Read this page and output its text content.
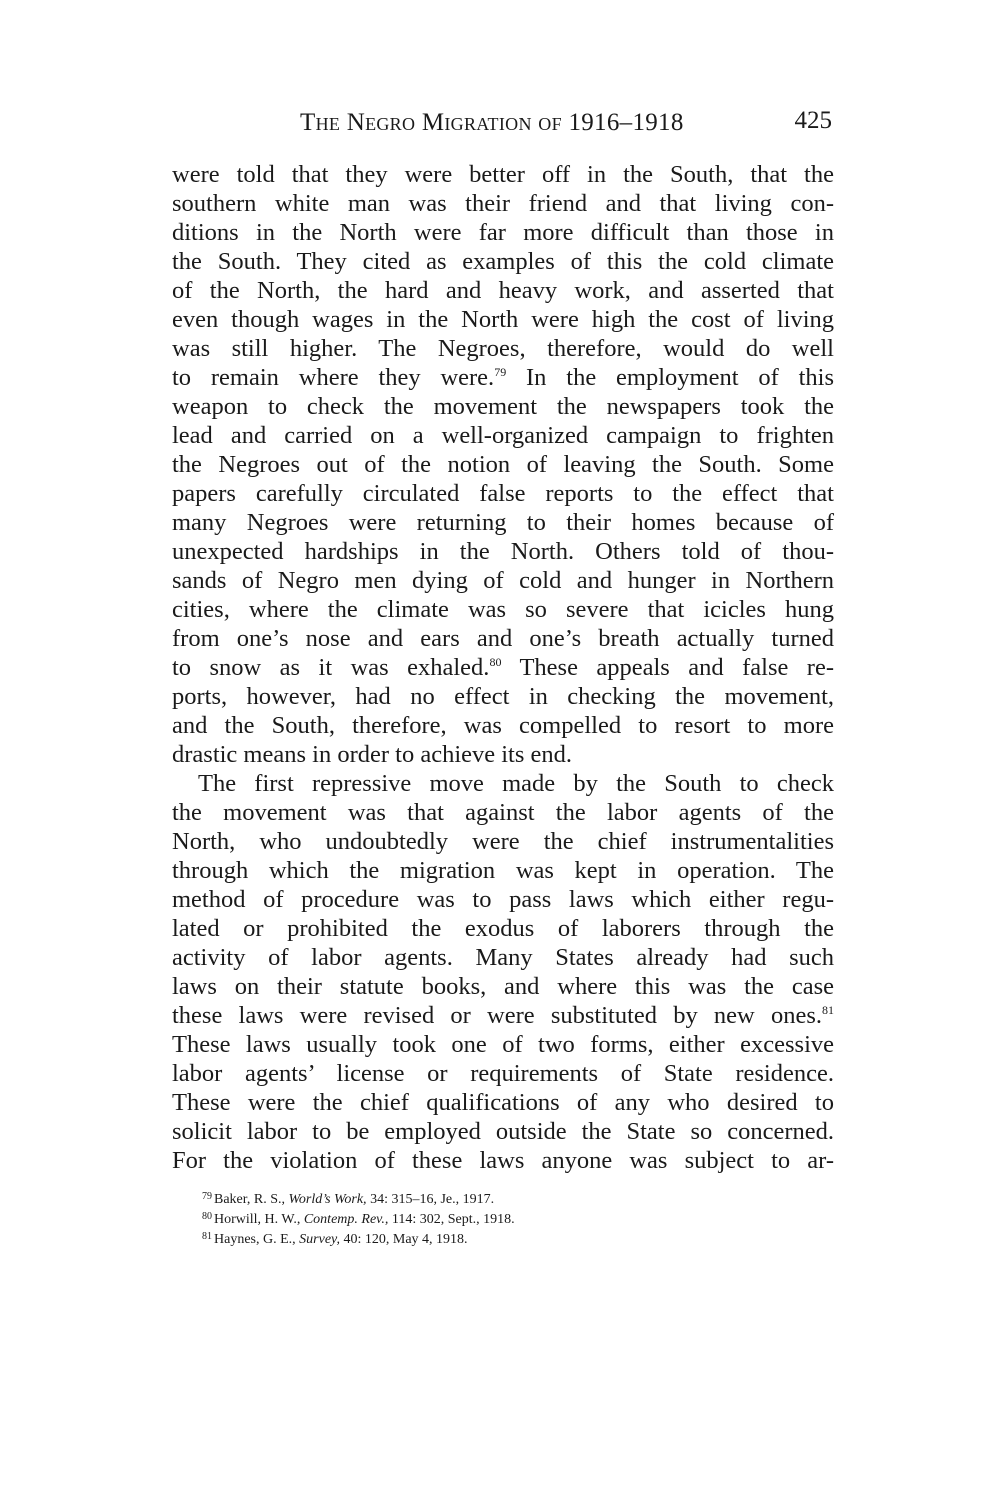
The Negro Migration of 1916–1918	425
were told that they were better off in the South, that the
southern white man was their friend and that living con-
ditions in the North were far more difficult than those in
the South. They cited as examples of this the cold climate
of the North, the hard and heavy work, and asserted that
even though wages in the North were high the cost of living
was still higher. The Negroes, therefore, would do well
to remain where they were.$^{79}$ In the employment of this
weapon to check the movement the newspapers took the
lead and carried on a well-organized campaign to frighten
the Negroes out of the notion of leaving the South. Some
papers carefully circulated false reports to the effect that
many Negroes were returning to their homes because of
unexpected hardships in the North. Others told of thou-
sands of Negro men dying of cold and hunger in Northern
cities, where the climate was so severe that icicles hung
from one’s nose and ears and one’s breath actually turned
to snow as it was exhaled.$^{80}$ These appeals and false re-
ports, however, had no effect in checking the movement,
and the South, therefore, was compelled to resort to more
drastic means in order to achieve its end.
The first repressive move made by the South to check
the movement was that against the labor agents of the
North, who undoubtedly were the chief instrumentalities
through which the migration was kept in operation. The
method of procedure was to pass laws which either regu-
lated or prohibited the exodus of laborers through the
activity of labor agents. Many States already had such
laws on their statute books, and where this was the case
these laws were revised or were substituted by new ones.$^{81}$
These laws usually took one of two forms, either excessive
labor agents’ license or requirements of State residence.
These were the chief qualifications of any who desired to
solicit labor to be employed outside the State so concerned.
For the violation of these laws anyone was subject to ar-
$^{79}$ Baker, R. S., World’s Work, 34: 315–16, Je., 1917.
$^{80}$ Horwill, H. W., Contemp. Rev., 114: 302, Sept., 1918.
$^{81}$ Haynes, G. E., Survey, 40: 120, May 4, 1918.
